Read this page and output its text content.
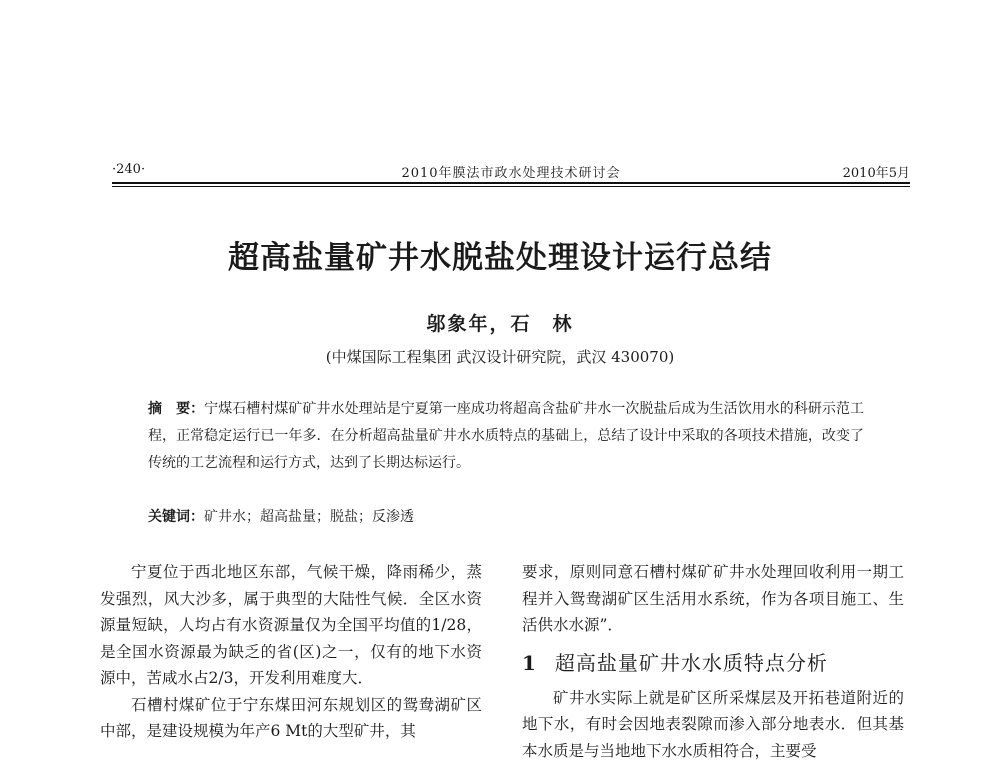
·240·	2010年膜法市政水处理技术研讨会	2010年5月
超高盐量矿井水脱盐处理设计运行总结
邬象年，石　林
(中煤国际工程集团 武汉设计研究院，武汉 430070)
摘　要：宁煤石槽村煤矿矿井水处理站是宁夏第一座成功将超高含盐矿井水一次脱盐后成为生活饮用水的科研示范工程，正常稳定运行已一年多．在分析超高盐量矿井水水质特点的基础上，总结了设计中采取的各项技术措施，改变了传统的工艺流程和运行方式，达到了长期达标运行。
关键词：矿井水；超高盐量；脱盐；反渗透

宁夏位于西北地区东部，气候干燥，降雨稀少，蒸发强烈，风大沙多，属于典型的大陆性气候．全区水资源量短缺，人均占有水资源量仅为全国平均值的1/28，是全国水资源最为缺乏的省(区)之一，仅有的地下水资源中，苦咸水占2/3，开发利用难度大．

石槽村煤矿位于宁东煤田河东规划区的鸳鸯湖矿区中部，是建设规模为年产6 Mt的大型矿井，其

要求，原则同意石槽村煤矿矿井水处理回收利用一期工程并入鸳鸯湖矿区生活用水系统，作为各项目施工、生活供水水源”．

1 超高盐量矿井水水质特点分析

矿井水实际上就是矿区所采煤层及开拓巷道附近的地下水，有时会因地表裂隙而渗入部分地表水．但其基本水质是与当地地下水水质相符合，主要受
